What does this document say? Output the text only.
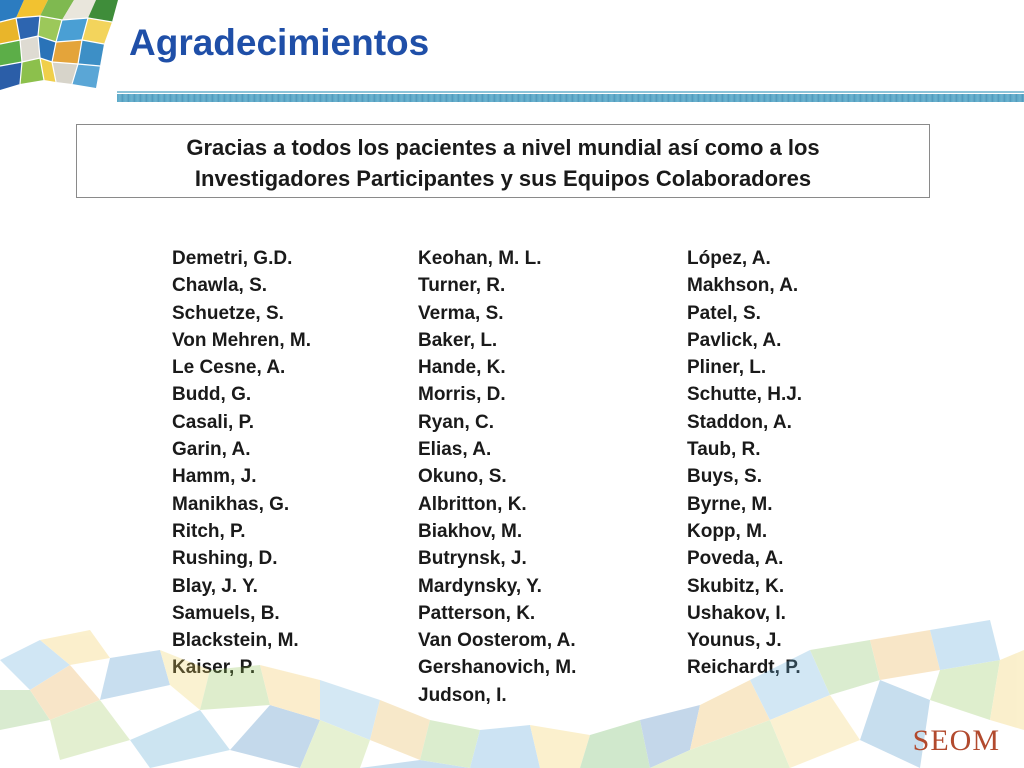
Agradecimientos
Gracias a todos los pacientes a nivel mundial así como a los
Investigadores Participantes y sus Equipos Colaboradores
Demetri, G.D.
Chawla, S.
Schuetze, S.
Von Mehren, M.
Le Cesne, A.
Budd, G.
Casali, P.
Garin, A.
Hamm, J.
Manikhas, G.
Ritch, P.
Rushing, D.
Blay, J. Y.
Samuels, B.
Blackstein, M.
Kaiser, P.
Keohan, M. L.
Turner, R.
Verma, S.
Baker, L.
Hande, K.
Morris, D.
Ryan, C.
Elias, A.
Okuno, S.
Albritton, K.
Biakhov, M.
Butrynsk, J.
Mardynsky, Y.
Patterson, K.
Van Oosterom, A.
Gershanovich, M.
Judson, I.
López, A.
Makhson, A.
Patel, S.
Pavlick, A.
Pliner, L.
Schutte, H.J.
Staddon, A.
Taub, R.
Buys, S.
Byrne, M.
Kopp, M.
Poveda, A.
Skubitz, K.
Ushakov, I.
Younus, J.
Reichardt, P.
SEOM
